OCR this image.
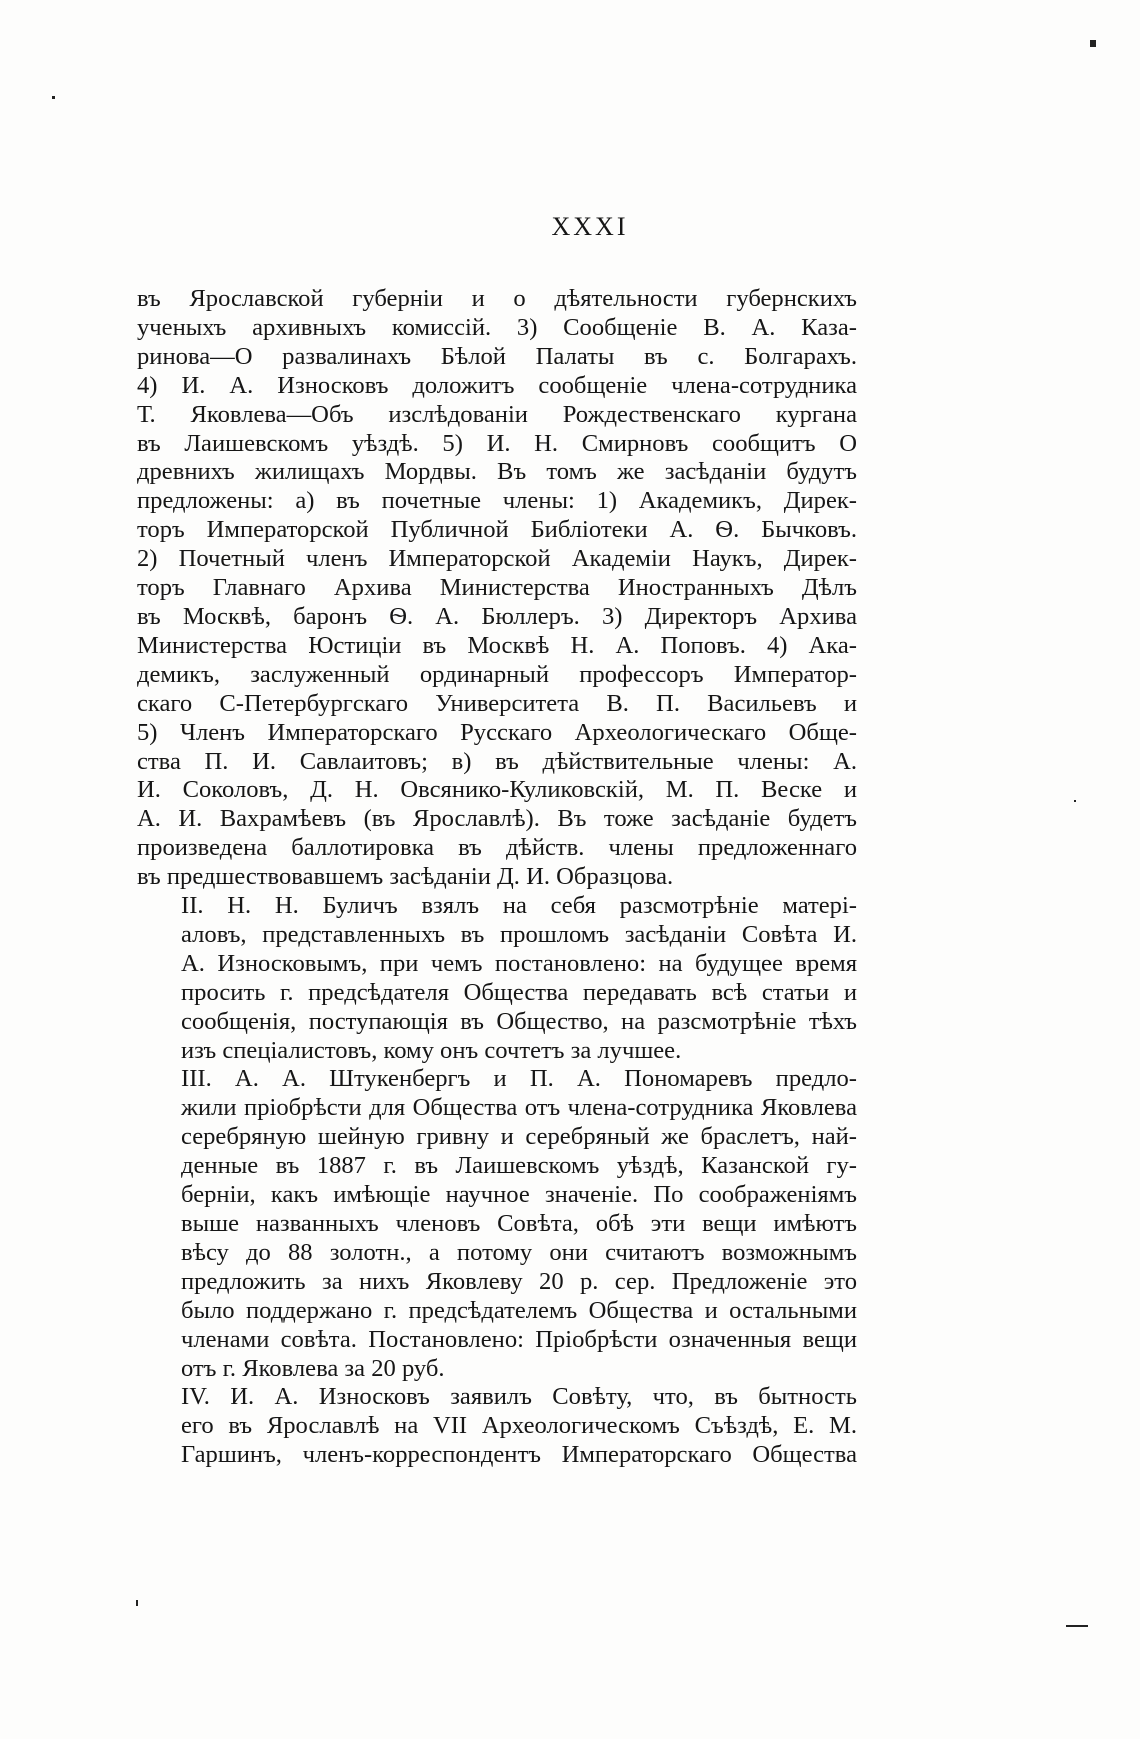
XXXI

въ Ярославской губерніи и о дѣятельности губернскихъ
ученыхъ архивныхъ комиссій. 3) Сообщеніе В. А. Каза-
ринова—О развалинахъ Бѣлой Палаты въ с. Болгарахъ.
4) И. А. Износковъ доложитъ сообщеніе члена-сотрудника
Т. Яковлева—Объ изслѣдованіи Рождественскаго кургана
въ Лаишевскомъ уѣздѣ. 5) И. Н. Смирновъ сообщитъ О
древнихъ жилищахъ Мордвы. Въ томъ же засѣданіи будутъ
предложены: а) въ почетные члены: 1) Академикъ, Дирек-
торъ Императорской Публичной Библіотеки А. Ѳ. Бычковъ.
2) Почетный членъ Императорской Академіи Наукъ, Дирек-
торъ Главнаго Архива Министерства Иностранныхъ Дѣлъ
въ Москвѣ, баронъ Ѳ. А. Бюллеръ. 3) Директоръ Архива
Министерства Юстиціи въ Москвѣ Н. А. Поповъ. 4) Ака-
демикъ, заслуженный ординарный профессоръ Император-
скаго С-Петербургскаго Университета В. П. Васильевъ и
5) Членъ Императорскаго Русскаго Археологическаго Обще-
ства П. И. Савлаитовъ; в) въ дѣйствительные члены: А.
И. Соколовъ, Д. Н. Овсянико-Куликовскій, М. П. Веске и
А. И. Вахрамѣевъ (въ Ярославлѣ). Въ тоже засѣданіе будетъ
произведена баллотировка въ дѣйств. члены предложеннаго
въ предшествовавшемъ засѣданіи Д. И. Образцова.

II. Н. Н. Буличъ взялъ на себя разсмотрѣніе матерi-
аловъ, представленныхъ въ прошломъ засѣданіи Совѣта И.
А. Износковымъ, при чемъ постановлено: на будущее время
просить г. предсѣдателя Общества передавать всѣ статьи и
сообщенія, поступающія въ Общество, на разсмотрѣніе тѣхъ
изъ спеціалистовъ, кому онъ сочтетъ за лучшее.

III. А. А. Штукенбергъ и П. А. Пономаревъ предло-
жили пріобрѣсти для Общества отъ члена-сотрудника Яковлева
серебряную шейную гривну и серебряный же браслетъ, най-
денные въ 1887 г. въ Лаишевскомъ уѣздѣ, Казанской гу-
берніи, какъ имѣющіе научное значеніе. По соображеніямъ
выше названныхъ членовъ Совѣта, обѣ эти вещи имѣютъ
вѣсу до 88 золотн., а потому они считаютъ возможнымъ
предложить за нихъ Яковлеву 20 р. сер. Предложеніе это
было поддержано г. предсѣдателемъ Общества и остальными
членами совѣта. Постановлено: Пріобрѣсти означенныя вещи
отъ г. Яковлева за 20 руб.

IV. И. А. Износковъ заявилъ Совѣту, что, въ бытность
его въ Ярославлѣ на VII Археологическомъ Съѣздѣ, Е. М.
Гаршинъ, членъ-корреспондентъ Императорскаго Общества
